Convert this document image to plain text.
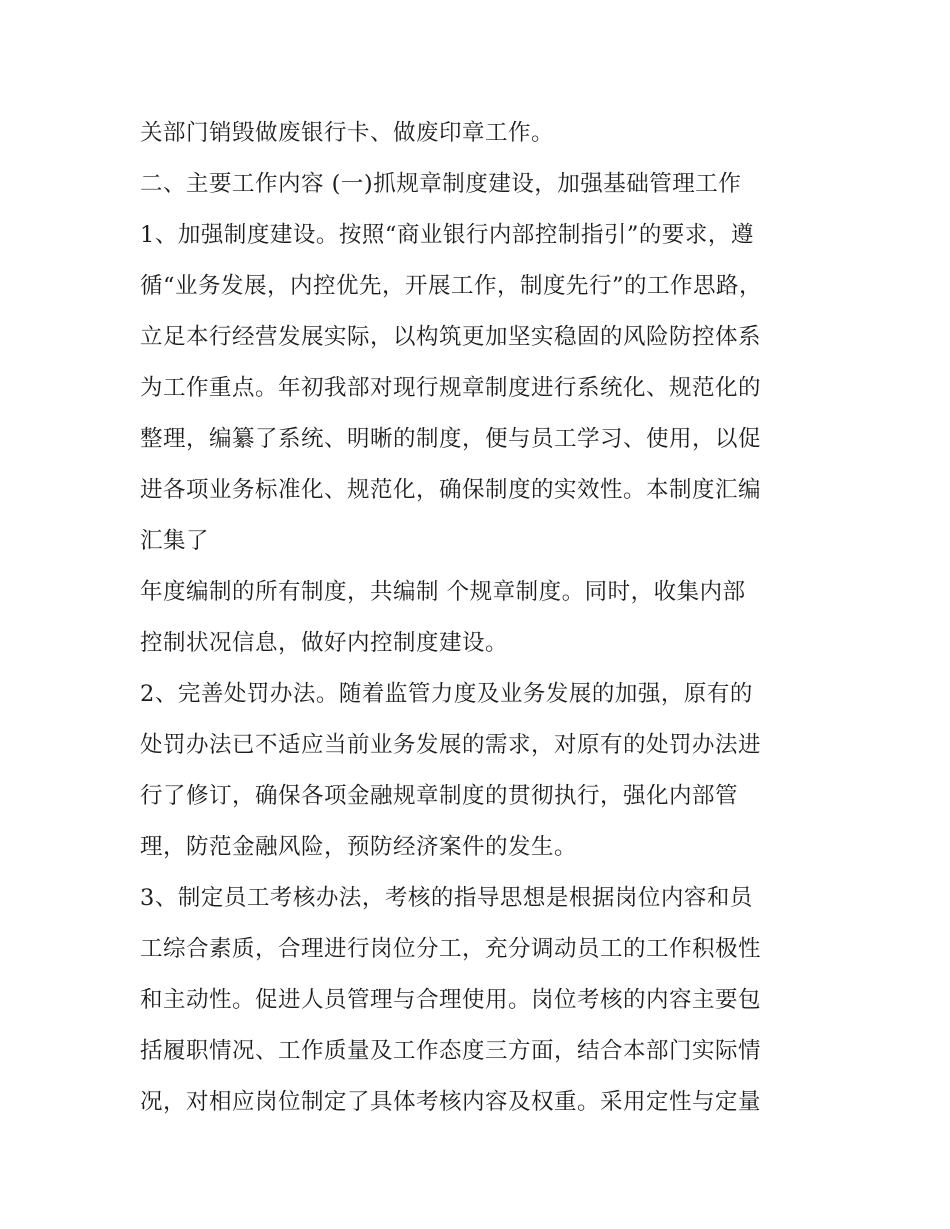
关部门销毁做废银行卡、做废印章工作。
二、主要工作内容 (一)抓规章制度建设，加强基础管理工作
1、加强制度建设。按照“商业银行内部控制指引”的要求，遵
循“业务发展，内控优先，开展工作，制度先行”的工作思路，
立足本行经营发展实际，以构筑更加坚实稳固的风险防控体系
为工作重点。年初我部对现行规章制度进行系统化、规范化的
整理，编纂了系统、明晰的制度，便与员工学习、使用，以促
进各项业务标准化、规范化，确保制度的实效性。本制度汇编
汇集了
年度编制的所有制度，共编制 个规章制度。同时，收集内部
控制状况信息，做好内控制度建设。
2、完善处罚办法。随着监管力度及业务发展的加强，原有的
处罚办法已不适应当前业务发展的需求，对原有的处罚办法进
行了修订，确保各项金融规章制度的贯彻执行，强化内部管
理，防范金融风险，预防经济案件的发生。
3、制定员工考核办法，考核的指导思想是根据岗位内容和员
工综合素质，合理进行岗位分工，充分调动员工的工作积极性
和主动性。促进人员管理与合理使用。岗位考核的内容主要包
括履职情况、工作质量及工作态度三方面，结合本部门实际情
况，对相应岗位制定了具体考核内容及权重。采用定性与定量
